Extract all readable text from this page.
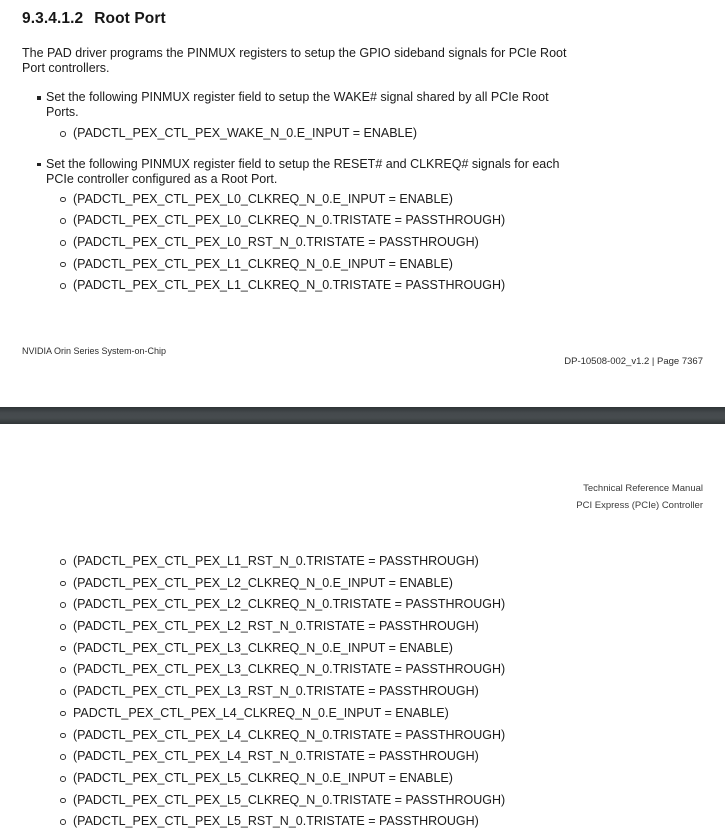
9.3.4.1.2 Root Port

The PAD driver programs the PINMUX registers to setup the GPIO sideband signals for PCIe Root
Port controllers.

Set the following PINMUX register field to setup the WAKE# signal shared by all PCIe Root
Ports.
(PADCTL_PEX_CTL_PEX_WAKE_N_0.E_INPUT = ENABLE)
Set the following PINMUX register field to setup the RESET# and CLKREQ# signals for each
PCIe controller configured as a Root Port.
(PADCTL_PEX_CTL_PEX_L0_CLKREQ_N_0.E_INPUT = ENABLE)
(PADCTL_PEX_CTL_PEX_L0_CLKREQ_N_0.TRISTATE = PASSTHROUGH)
(PADCTL_PEX_CTL_PEX_L0_RST_N_0.TRISTATE = PASSTHROUGH)
(PADCTL_PEX_CTL_PEX_L1_CLKREQ_N_0.E_INPUT = ENABLE)
(PADCTL_PEX_CTL_PEX_L1_CLKREQ_N_0.TRISTATE = PASSTHROUGH)
NVIDIA Orin Series System-on-Chip
DP-10508-002_v1.2 | Page 7367
Technical Reference Manual
PCI Express (PCIe) Controller
(PADCTL_PEX_CTL_PEX_L1_RST_N_0.TRISTATE = PASSTHROUGH)
(PADCTL_PEX_CTL_PEX_L2_CLKREQ_N_0.E_INPUT = ENABLE)
(PADCTL_PEX_CTL_PEX_L2_CLKREQ_N_0.TRISTATE = PASSTHROUGH)
(PADCTL_PEX_CTL_PEX_L2_RST_N_0.TRISTATE = PASSTHROUGH)
(PADCTL_PEX_CTL_PEX_L3_CLKREQ_N_0.E_INPUT = ENABLE)
(PADCTL_PEX_CTL_PEX_L3_CLKREQ_N_0.TRISTATE = PASSTHROUGH)
(PADCTL_PEX_CTL_PEX_L3_RST_N_0.TRISTATE = PASSTHROUGH)
PADCTL_PEX_CTL_PEX_L4_CLKREQ_N_0.E_INPUT = ENABLE)
(PADCTL_PEX_CTL_PEX_L4_CLKREQ_N_0.TRISTATE = PASSTHROUGH)
(PADCTL_PEX_CTL_PEX_L4_RST_N_0.TRISTATE = PASSTHROUGH)
(PADCTL_PEX_CTL_PEX_L5_CLKREQ_N_0.E_INPUT = ENABLE)
(PADCTL_PEX_CTL_PEX_L5_CLKREQ_N_0.TRISTATE = PASSTHROUGH)
(PADCTL_PEX_CTL_PEX_L5_RST_N_0.TRISTATE = PASSTHROUGH)
